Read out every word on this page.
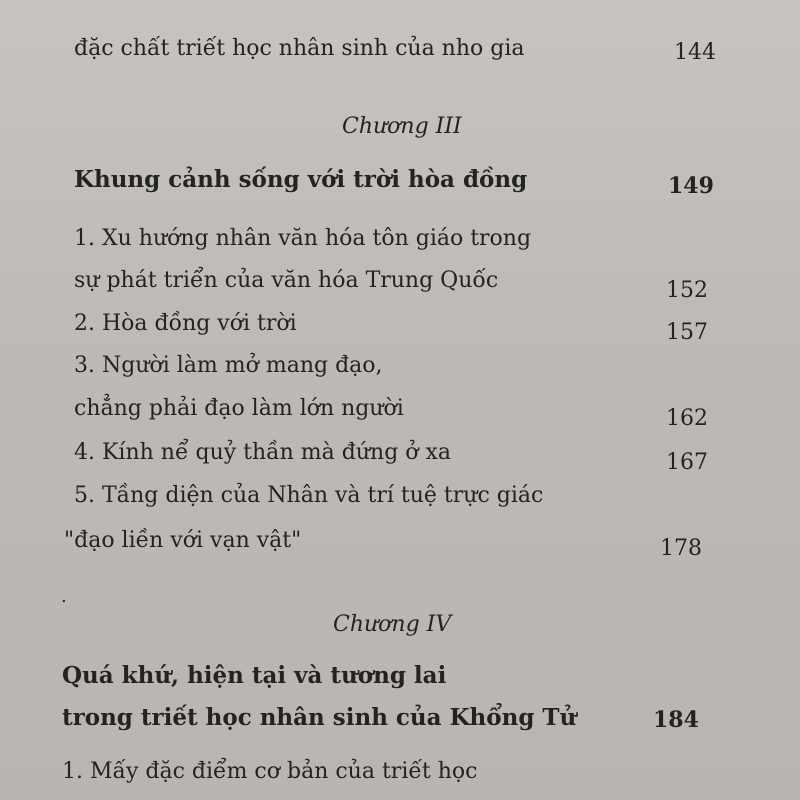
đặc chất triết học nhân sinh của nho gia	144
Chương III
Khung cảnh sống với trời hòa đồng	149
1. Xu hướng nhân văn hóa tôn giáo trong
sự phát triển của văn hóa Trung Quốc	152
2. Hòa đồng với trời	157
3. Người làm mở mang đạo,
chẳng phải đạo làm lớn người	162
4. Kính nể quỷ thần mà đứng ở xa	167
5. Tầng diện của Nhân và trí tuệ trực giác
"đạo liền với vạn vật"	178
.
Chương IV
Quá khứ, hiện tại và tương lai
trong triết học nhân sinh của Khổng Tử	184
1. Mấy đặc điểm cơ bản của triết học
